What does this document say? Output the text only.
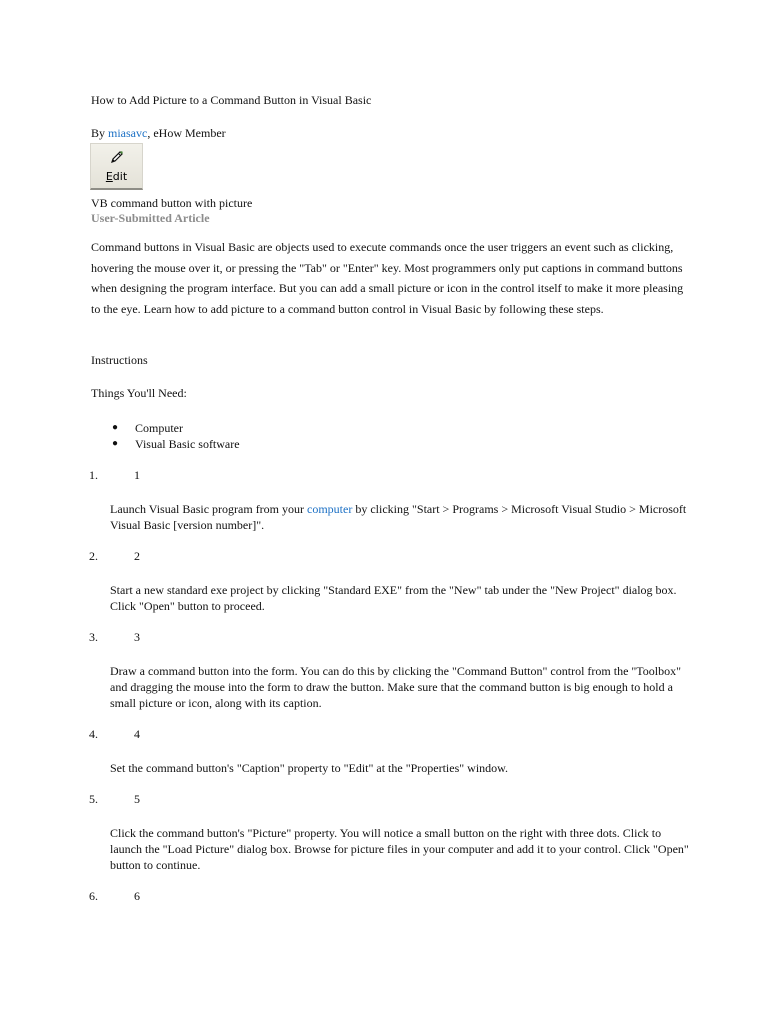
How to Add Picture to a Command Button in Visual Basic
By miasavc, eHow Member
Edit
VB command button with picture
User-Submitted Article
Command buttons in Visual Basic are objects used to execute commands once the user triggers an event such as clicking, hovering the mouse over it, or pressing the "Tab" or "Enter" key. Most programmers only put captions in command buttons when designing the program interface. But you can add a small picture or icon in the control itself to make it more pleasing to the eye. Learn how to add picture to a command button control in Visual Basic by following these steps.
Instructions
Things You'll Need:
● Computer
● Visual Basic software
1.	1
Launch Visual Basic program from your computer by clicking "Start > Programs > Microsoft Visual Studio > Microsoft Visual Basic [version number]".
2.	2
Start a new standard exe project by clicking "Standard EXE" from the "New" tab under the "New Project" dialog box. Click "Open" button to proceed.
3.	3
Draw a command button into the form. You can do this by clicking the "Command Button" control from the "Toolbox" and dragging the mouse into the form to draw the button. Make sure that the command button is big enough to hold a small picture or icon, along with its caption.
4.	4
Set the command button's "Caption" property to "Edit" at the "Properties" window.
5.	5
Click the command button's "Picture" property. You will notice a small button on the right with three dots. Click to launch the "Load Picture" dialog box. Browse for picture files in your computer and add it to your control. Click "Open" button to continue.
6.	6
